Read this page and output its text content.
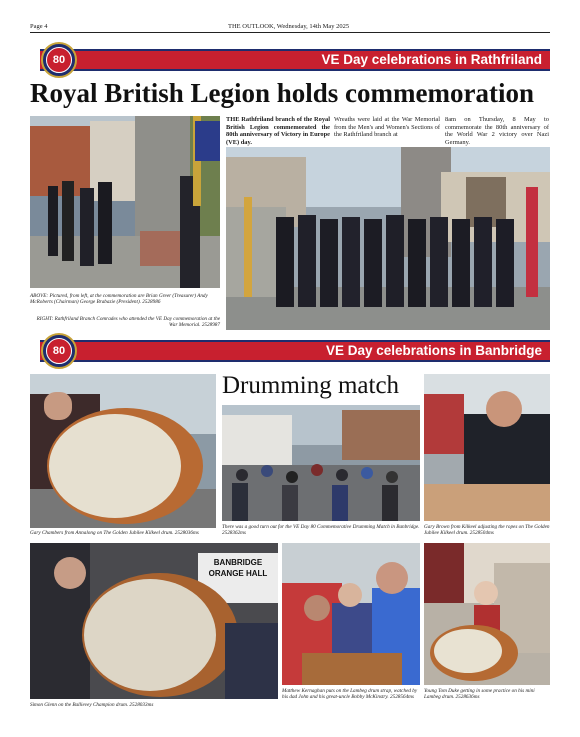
Page 4	THE OUTLOOK, Wednesday, 14th May 2025
VE Day celebrations in Rathfriland
80
Royal British Legion holds commemoration
THE Rathfriland branch of the Royal British Legion commemorated the 80th anniversary of Victory in Europe (VE) day.
Wreaths were laid at the War Memorial from the Men's and Women's Sections of the Rathfriland branch at
8am on Thursday, 8 May to commemorate the 80th anniversary of the World War 2 victory over Nazi Germany.
ABOVE: Pictured, from left, at the commemoration are Brian Greer (Treasurer) Andy McRoberts (Chairman) George Brabazie (President). 2528986
RIGHT: Rathfriland Branch Comrades who attended the VE Day commemoration at the War Memorial. 2528987
VE Day celebrations in Banbridge
80
Gary Chambers from Annalong on The Golden Jubilee Kilkeel drum. 2528036ms
Drumming match
There was a good turn out for the VE Day 80 Commemorative Drumming Match in Banbridge. 2528362ms
Gary Brown from Kilkeel adjusting the ropes on The Golden Jubilee Kilkeel drum. 2528504ms
BANBRIDGE
ORANGE HALL
Simon Glenn on the Ballievey Champion drum. 2528033ms
Matthew Kernaghan puts on the Lambeg drum strap, watched by his dad John and his great-uncle Bobby McKinstry. 2528564ms
Young Tom Duke getting in some practice on his mini Lambeg drum. 2528636ms
